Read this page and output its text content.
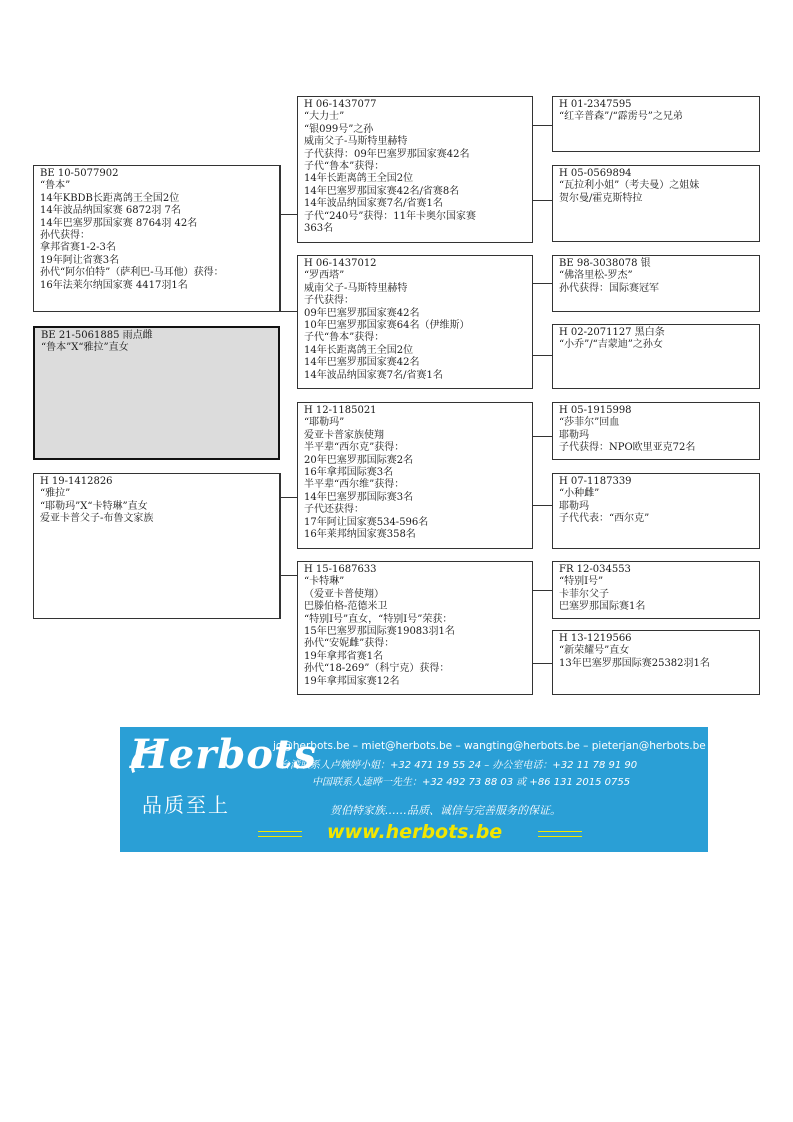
BE 10-5077902
“鲁本”
14年KBDB长距离鸽王全国2位
14年波品纳国家赛 6872羽 7名
14年巴塞罗那国家赛 8764羽 42名
孙代获得：
拿邦省赛1-2-3名
19年阿让省赛3名
孙代“阿尔伯特”（萨利巴-马耳他）获得：
16年法莱尔纳国家赛 4417羽1名
BE 21-5061885 雨点雌
“鲁本”X“雅拉”直女
H 19-1412826
“雅拉”
“耶勒玛”X“卡特琳”直女
爱亚卡普父子-布鲁文家族
H 06-1437077
“大力士”
“银099号”之孙
威南父子-马斯特里赫特
子代获得：09年巴塞罗那国家赛42名
子代“鲁本”获得：
14年长距离鸽王全国2位
14年巴塞罗那国家赛42名/省赛8名
14年波品纳国家赛7名/省赛1名
子代“240号”获得：11年卡奥尔国家赛
363名
H 06-1437012
“罗西塔”
威南父子-马斯特里赫特
子代获得：
09年巴塞罗那国家赛42名
10年巴塞罗那国家赛64名（伊维斯）
子代“鲁本”获得：
14年长距离鸽王全国2位
14年巴塞罗那国家赛42名
14年波品纳国家赛7名/省赛1名
H 12-1185021
“耶勒玛”
爱亚卡普家族使翔
半平辈“西尔克”获得：
20年巴塞罗那国际赛2名
16年拿邦国际赛3名
半平辈“西尔维”获得：
14年巴塞罗那国际赛3名
子代还获得：
17年阿让国家赛534-596名
16年莱邦纳国家赛358名
H 15-1687633
“卡特琳”
（爱亚卡普使翔）
巴滕伯格-范德米卫
“特别Ⅰ号”直女，“特别Ⅰ号”荣获：
15年巴塞罗那国际赛19083羽1名
孙代“安妮雌”获得：
19年拿邦省赛1名
孙代“18-269”（科宁克）获得：
19年拿邦国家赛12名
H 01-2347595
“红辛普森”/“霹雳号”之兄弟
H 05-0569894
“瓦拉利小姐”（考夫曼）之姐妹
贺尔曼/霍克斯特拉
BE 98-3038078 银
“佛洛里松-罗杰”
孙代获得：国际赛冠军
H 02-2071127 黑白条
“小乔”/“吉蒙迪”之孙女
H 05-1915998
“莎菲尔”回血
耶勒玛
子代获得：NPO欧里亚克72名
H 07-1187339
“小种雌”
耶勒玛
子代代表：“西尔克”
FR 12-034553
“特别Ⅰ号”
卡菲尔父子
巴塞罗那国际赛1名
H 13-1219566
“新荣耀号”直女
13年巴塞罗那国际赛25382羽1名
Herbots
品质至上
jo@herbots.be – miet@herbots.be – wangting@herbots.be – pieterjan@herbots.be
台湾联系人卢婉婷小姐：+32 471 19 55 24 – 办公室电话：+32 11 78 91 90
中国联系人逵晔一先生：+32 492 73 88 03 或 +86 131 2015 0755
贺伯特家族……品质、诚信与完善服务的保证。
www.herbots.be
